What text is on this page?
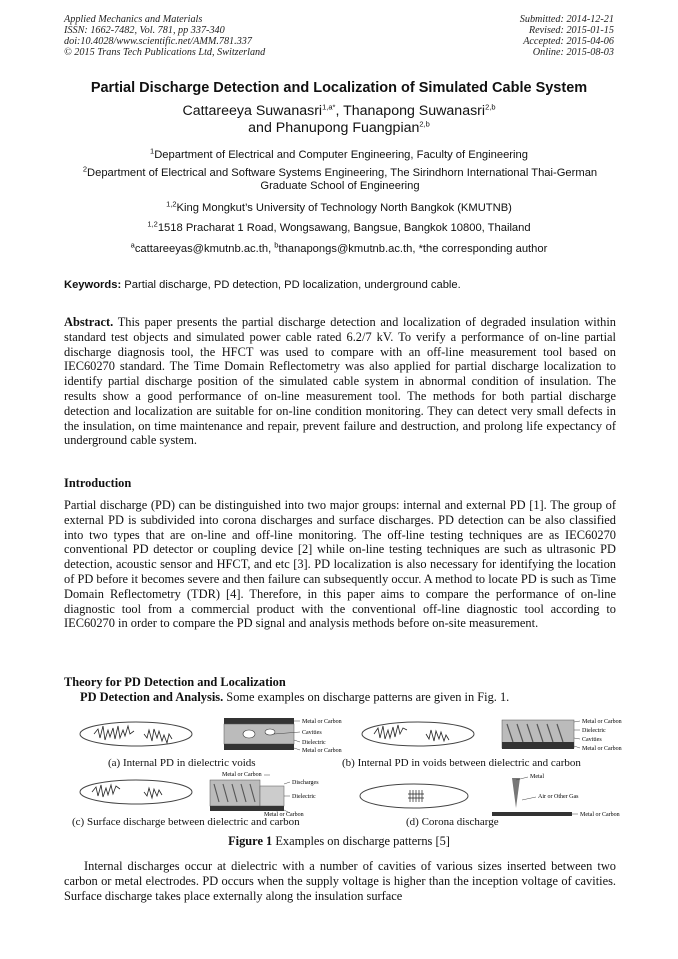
Applied Mechanics and Materials
ISSN: 1662-7482, Vol. 781, pp 337-340
doi:10.4028/www.scientific.net/AMM.781.337
© 2015 Trans Tech Publications Ltd, Switzerland
Submitted: 2014-12-21
Revised: 2015-01-15
Accepted: 2015-04-06
Online: 2015-08-03
Partial Discharge Detection and Localization of Simulated Cable System
Cattareeya Suwanasri$^{1,a*}$, Thanapong Suwanasri$^{2,b}$
and Phanupong Fuangpian$^{2,b}$
$^1$Department of Electrical and Computer Engineering, Faculty of Engineering
$^2$Department of Electrical and Software Systems Engineering, The Sirindhorn International Thai-German Graduate School of Engineering
$^{1,2}$King Mongkut’s University of Technology North Bangkok (KMUTNB)
$^{1,2}$1518 Pracharat 1 Road, Wongsawang, Bangsue, Bangkok 10800, Thailand
$^a$cattareeyas@kmutnb.ac.th, $^b$thanapongs@kmutnb.ac.th, *the corresponding author
Keywords: Partial discharge, PD detection, PD localization, underground cable.
Abstract. This paper presents the partial discharge detection and localization of degraded insulation within standard test objects and simulated power cable rated 6.2/7 kV. To verify a performance of on-line partial discharge diagnosis tool, the HFCT was used to compare with an off-line measurement tool based on IEC60270 standard. The Time Domain Reflectometry was also applied for partial discharge localization to identify partial discharge position of the simulated cable system in abnormal condition of insulation. The results show a good performance of on-line measurement tool. The methods for both partial discharge detection and localization are suitable for on-line condition monitoring. They can detect very small defects in the insulation, on time maintenance and repair, prevent failure and destruction, and prolong life expectancy of underground cable system.
Introduction
Partial discharge (PD) can be distinguished into two major groups: internal and external PD [1]. The group of external PD is subdivided into corona discharges and surface discharges. PD detection can be also classified into two types that are on-line and off-line monitoring. The off-line testing techniques are as IEC60270 conventional PD detector or coupling device [2] while on-line testing techniques are such as ultrasonic PD detection, acoustic sensor and HFCT, and etc [3]. PD localization is also necessary for identifying the location of PD before it becomes severe and then failure can subsequently occur. A method to locate PD is such as Time Domain Reflectometry (TDR) [4]. Therefore, in this paper aims to compare the performance of on-line diagnostic tool from a commercial product with the conventional off-line diagnostic tool according to IEC60270 in order to compare the PD signal and analysis methods before on-site measurement.
Theory for PD Detection and Localization
PD Detection and Analysis. Some examples on discharge patterns are given in Fig. 1.
Metal or Carbon
Cavities
Dielectric
Metal or Carbon
(a) Internal PD in dielectric voids
Metal or Carbon
Dielectric
Cavities
Metal or Carbon
(b) Internal PD in voids between dielectric and carbon
Metal or Carbon
Discharges
Dielectric
Metal or Carbon
(c) Surface discharge between dielectric and carbon
Metal
Air or Other Gas
Metal or Carbon
(d) Corona discharge
Figure 1 Examples on discharge patterns [5]
Internal discharges occur at dielectric with a number of cavities of various sizes inserted between two carbon or metal electrodes. PD occurs when the supply voltage is higher than the inception voltage of cavities. Surface discharge takes place externally along the insulation surface
